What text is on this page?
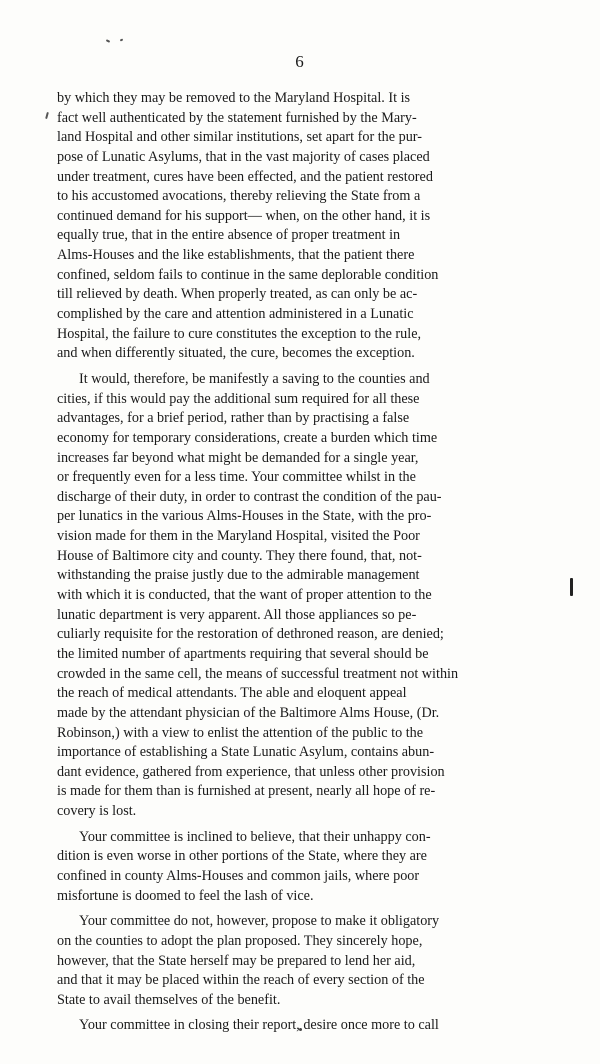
6
by which they may be removed to the Maryland Hospital. It is
fact well authenticated by the statement furnished by the Mary-
land Hospital and other similar institutions, set apart for the pur-
pose of Lunatic Asylums, that in the vast majority of cases placed
under treatment, cures have been effected, and the patient restored
to his accustomed avocations, thereby relieving the State from a
continued demand for his support— when, on the other hand, it is
equally true, that in the entire absence of proper treatment in
Alms-Houses and the like establishments, that the patient there
confined, seldom fails to continue in the same deplorable condition
till relieved by death. When properly treated, as can only be ac-
complished by the care and attention administered in a Lunatic
Hospital, the failure to cure constitutes the exception to the rule,
and when differently situated, the cure, becomes the exception.
It would, therefore, be manifestly a saving to the counties and
cities, if this would pay the additional sum required for all these
advantages, for a brief period, rather than by practising a false
economy for temporary considerations, create a burden which time
increases far beyond what might be demanded for a single year,
or frequently even for a less time. Your committee whilst in the
discharge of their duty, in order to contrast the condition of the pau-
per lunatics in the various Alms-Houses in the State, with the pro-
vision made for them in the Maryland Hospital, visited the Poor
House of Baltimore city and county. They there found, that, not-
withstanding the praise justly due to the admirable management
with which it is conducted, that the want of proper attention to the
lunatic department is very apparent. All those appliances so pe-
culiarly requisite for the restoration of dethroned reason, are denied;
the limited number of apartments requiring that several should be
crowded in the same cell, the means of successful treatment not within
the reach of medical attendants. The able and eloquent appeal
made by the attendant physician of the Baltimore Alms House, (Dr.
Robinson,) with a view to enlist the attention of the public to the
importance of establishing a State Lunatic Asylum, contains abun-
dant evidence, gathered from experience, that unless other provision
is made for them than is furnished at present, nearly all hope of re-
covery is lost.
Your committee is inclined to believe, that their unhappy con-
dition is even worse in other portions of the State, where they are
confined in county Alms-Houses and common jails, where poor
misfortune is doomed to feel the lash of vice.
Your committee do not, however, propose to make it obligatory
on the counties to adopt the plan proposed. They sincerely hope,
however, that the State herself may be prepared to lend her aid,
and that it may be placed within the reach of every section of the
State to avail themselves of the benefit.
Your committee in closing their report, desire once more to call
